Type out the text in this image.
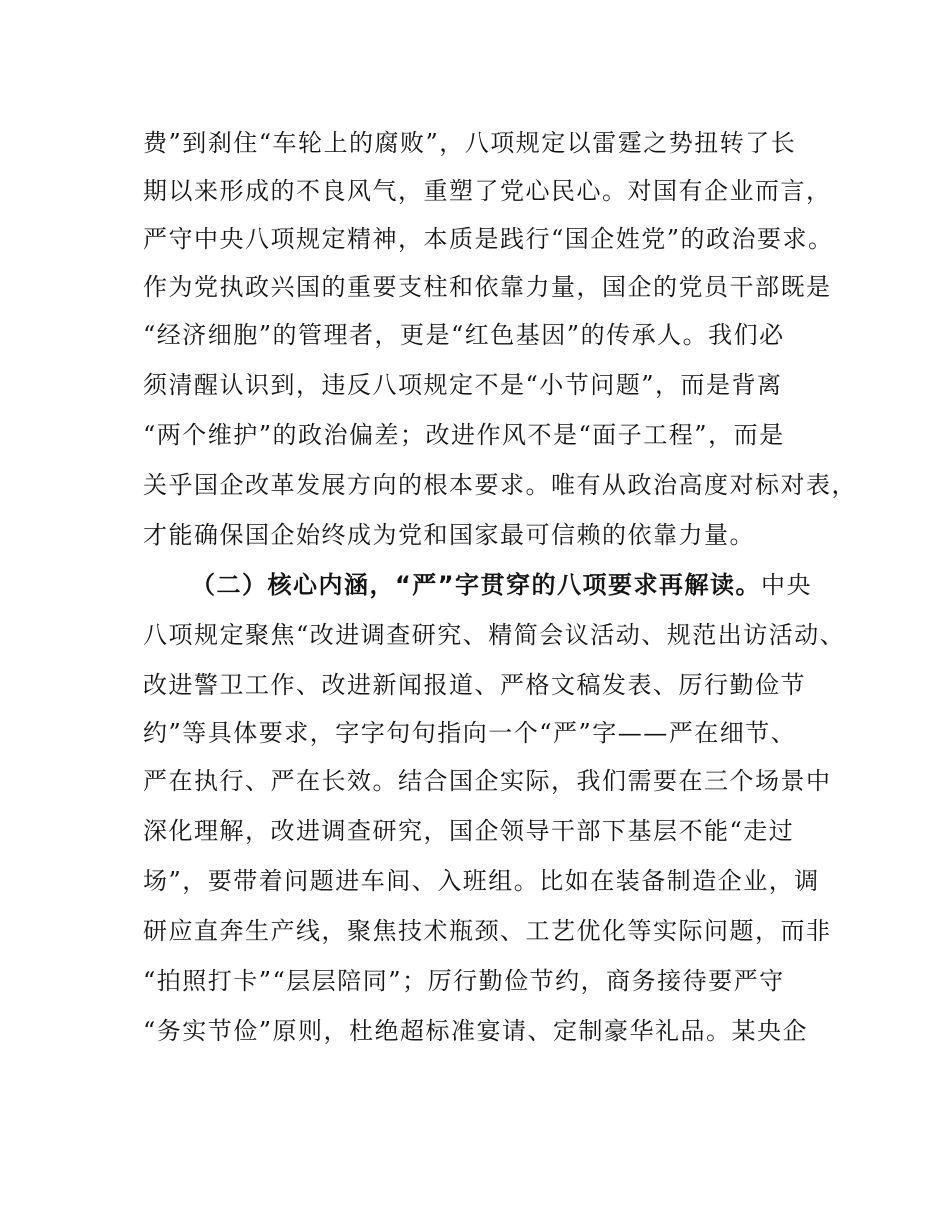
费”到刹住“车轮上的腐败”，八项规定以雷霆之势扭转了长
期以来形成的不良风气，重塑了党心民心。对国有企业而言，
严守中央八项规定精神，本质是践行“国企姓党”的政治要求。
作为党执政兴国的重要支柱和依靠力量，国企的党员干部既是
“经济细胞”的管理者，更是“红色基因”的传承人。我们必
须清醒认识到，违反八项规定不是“小节问题”，而是背离
“两个维护”的政治偏差；改进作风不是“面子工程”，而是
关乎国企改革发展方向的根本要求。唯有从政治高度对标对表，
才能确保国企始终成为党和国家最可信赖的依靠力量。
（二）核心内涵，“严”字贯穿的八项要求再解读。中央
八项规定聚焦“改进调查研究、精简会议活动、规范出访活动、
改进警卫工作、改进新闻报道、严格文稿发表、厉行勤俭节
约”等具体要求，字字句句指向一个“严”字——严在细节、
严在执行、严在长效。结合国企实际，我们需要在三个场景中
深化理解，改进调查研究，国企领导干部下基层不能“走过
场”，要带着问题进车间、入班组。比如在装备制造企业，调
研应直奔生产线，聚焦技术瓶颈、工艺优化等实际问题，而非
“拍照打卡”“层层陪同”；厉行勤俭节约，商务接待要严守
“务实节俭”原则，杜绝超标准宴请、定制豪华礼品。某央企
